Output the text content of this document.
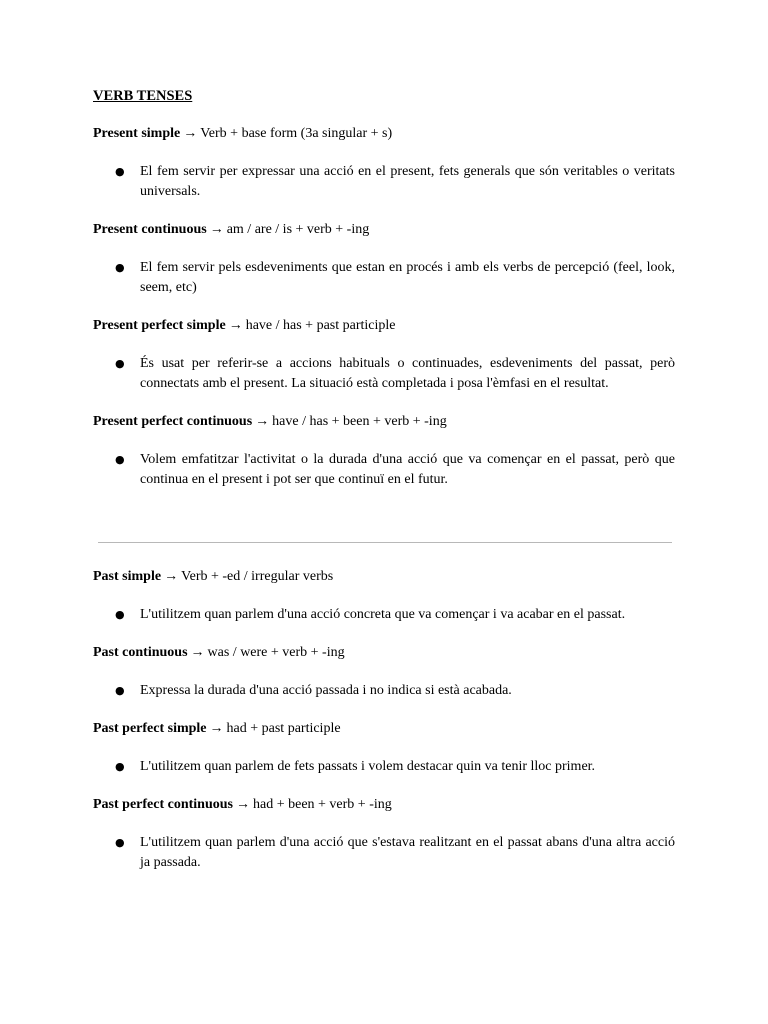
VERB TENSES
Present simple → Verb + base form (3a singular + s)
● El fem servir per expressar una acció en el present, fets generals que són veritables o veritats universals.
Present continuous → am / are / is + verb + -ing
● El fem servir pels esdeveniments que estan en procés i amb els verbs de percepció (feel, look, seem, etc)
Present perfect simple → have / has + past participle
● És usat per referir-se a accions habituals o continuades, esdeveniments del passat, però connectats amb el present. La situació està completada i posa l'èmfasi en el resultat.
Present perfect continuous → have / has + been + verb + -ing
● Volem emfatitzar l'activitat o la durada d'una acció que va començar en el passat, però que continua en el present i pot ser que continuï en el futur.
Past simple → Verb + -ed / irregular verbs
● L'utilitzem quan parlem d'una acció concreta que va començar i va acabar en el passat.
Past continuous → was / were + verb + -ing
● Expressa la durada d'una acció passada i no indica si està acabada.
Past perfect simple → had + past participle
● L'utilitzem quan parlem de fets passats i volem destacar quin va tenir lloc primer.
Past perfect continuous → had + been + verb + -ing
● L'utilitzem quan parlem d'una acció que s'estava realitzant en el passat abans d'una altra acció ja passada.
